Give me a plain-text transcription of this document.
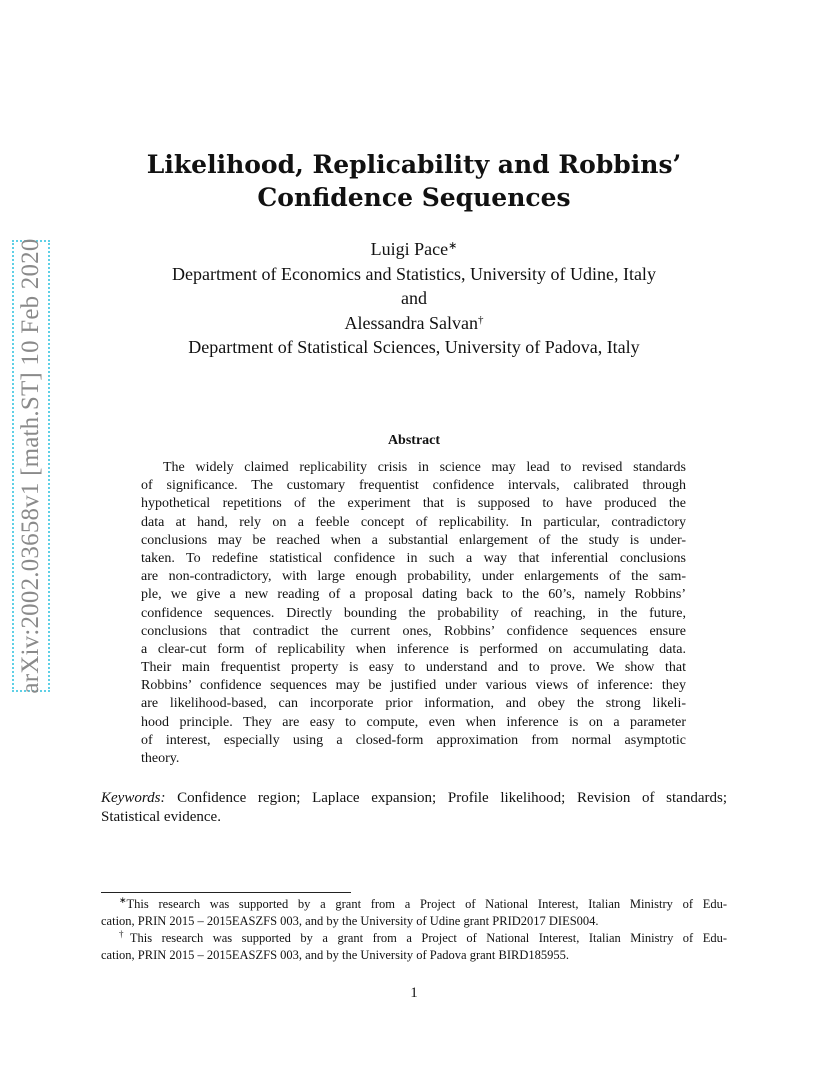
arXiv:2002.03658v1 [math.ST] 10 Feb 2020
Likelihood, Replicability and Robbins’
Confidence Sequences
Luigi Pace∗
Department of Economics and Statistics, University of Udine, Italy
and
Alessandra Salvan†
Department of Statistical Sciences, University of Padova, Italy
Abstract
The widely claimed replicability crisis in science may lead to revised standards
of significance. The customary frequentist confidence intervals, calibrated through
hypothetical repetitions of the experiment that is supposed to have produced the
data at hand, rely on a feeble concept of replicability. In particular, contradictory
conclusions may be reached when a substantial enlargement of the study is under-
taken. To redefine statistical confidence in such a way that inferential conclusions
are non-contradictory, with large enough probability, under enlargements of the sam-
ple, we give a new reading of a proposal dating back to the 60’s, namely Robbins’
confidence sequences. Directly bounding the probability of reaching, in the future,
conclusions that contradict the current ones, Robbins’ confidence sequences ensure
a clear-cut form of replicability when inference is performed on accumulating data.
Their main frequentist property is easy to understand and to prove. We show that
Robbins’ confidence sequences may be justified under various views of inference: they
are likelihood-based, can incorporate prior information, and obey the strong likeli-
hood principle. They are easy to compute, even when inference is on a parameter
of interest, especially using a closed-form approximation from normal asymptotic
theory.
Keywords: Confidence region; Laplace expansion; Profile likelihood; Revision of standards;
Statistical evidence.
∗This research was supported by a grant from a Project of National Interest, Italian Ministry of Edu-
cation, PRIN 2015 – 2015EASZFS 003, and by the University of Udine grant PRID2017 DIES004.
†This research was supported by a grant from a Project of National Interest, Italian Ministry of Edu-
cation, PRIN 2015 – 2015EASZFS 003, and by the University of Padova grant BIRD185955.
1
